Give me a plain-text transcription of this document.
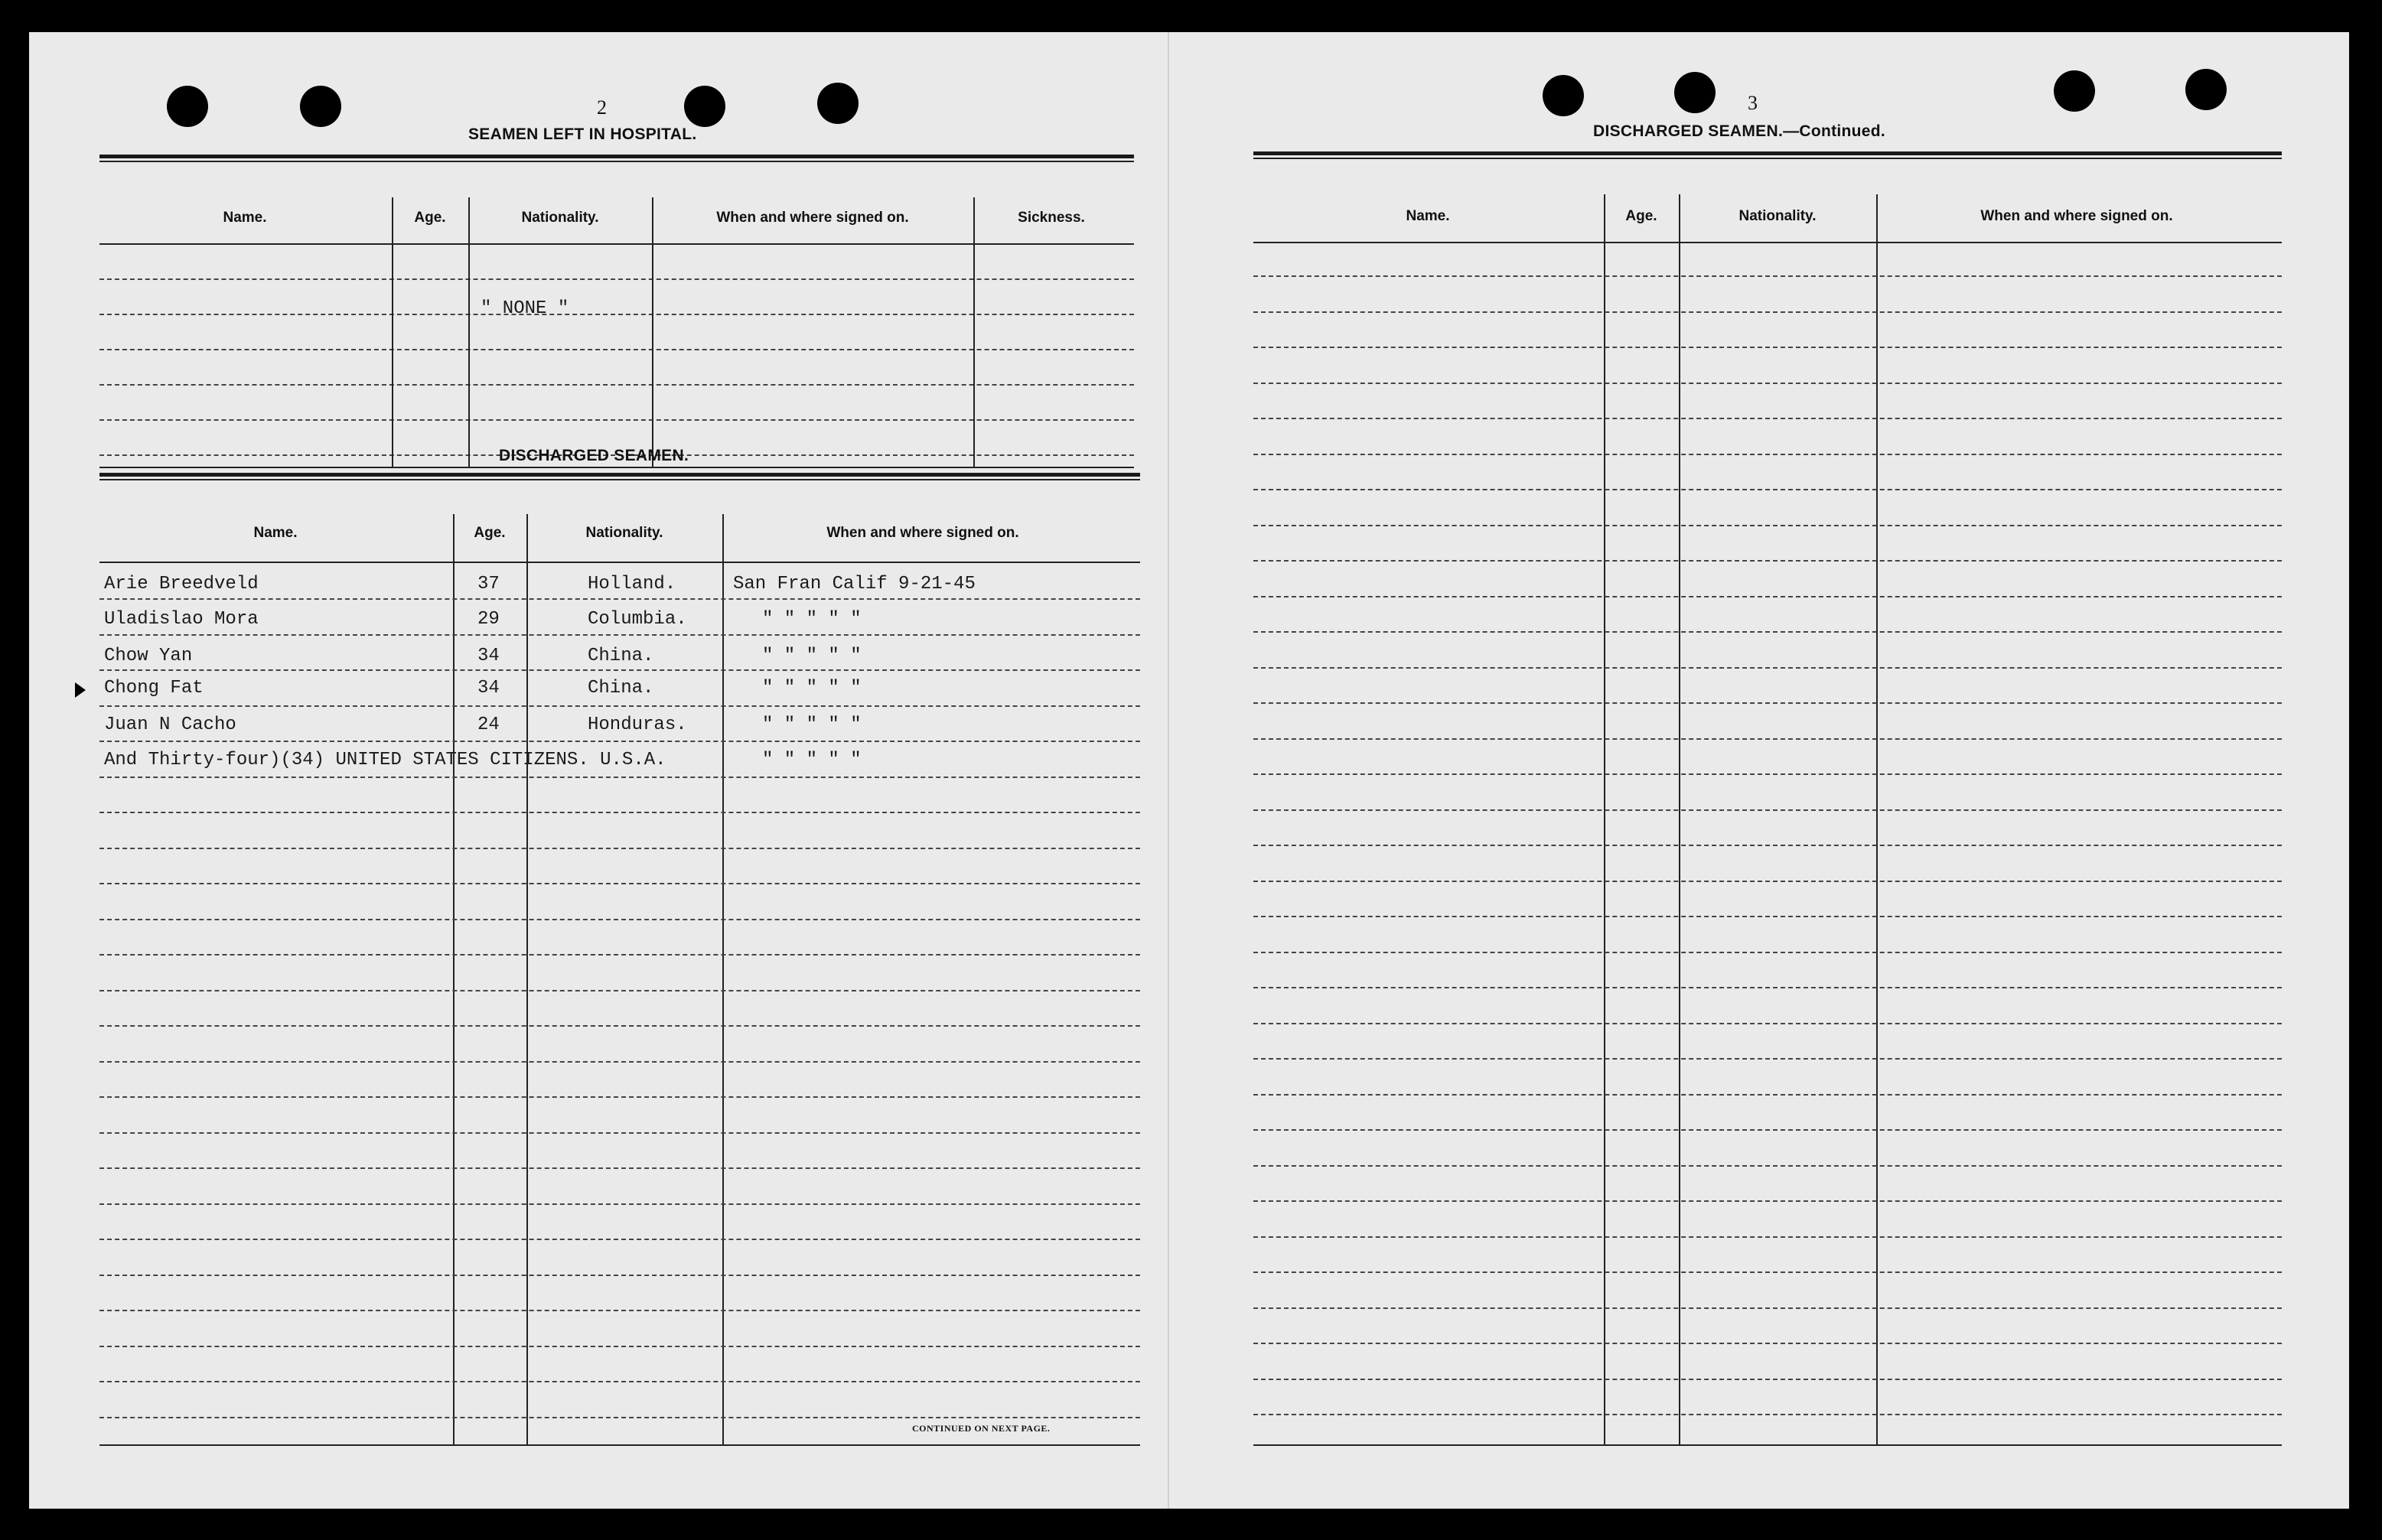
2
SEAMEN LEFT IN HOSPITAL.
Name.	Age.	Nationality.	When and where signed on.	Sickness.
" NONE "
DISCHARGED SEAMEN.
Name.	Age.	Nationality.	When and where signed on.
Arie Breedveld	37	Holland.	San Fran Calif 9-21-45
Uladislao Mora	29	Columbia.	" " " " "
Chow Yan	34	China.	" " " " "
Chong Fat	34	China.	" " " " "
Juan N Cacho	24	Honduras.	" " " " "
And Thirty-four)(34) UNITED STATES CITIZENS. U.S.A.	" " " " "
CONTINUED ON NEXT PAGE.
3
DISCHARGED SEAMEN.—Continued.
Name.	Age.	Nationality.	When and where signed on.
